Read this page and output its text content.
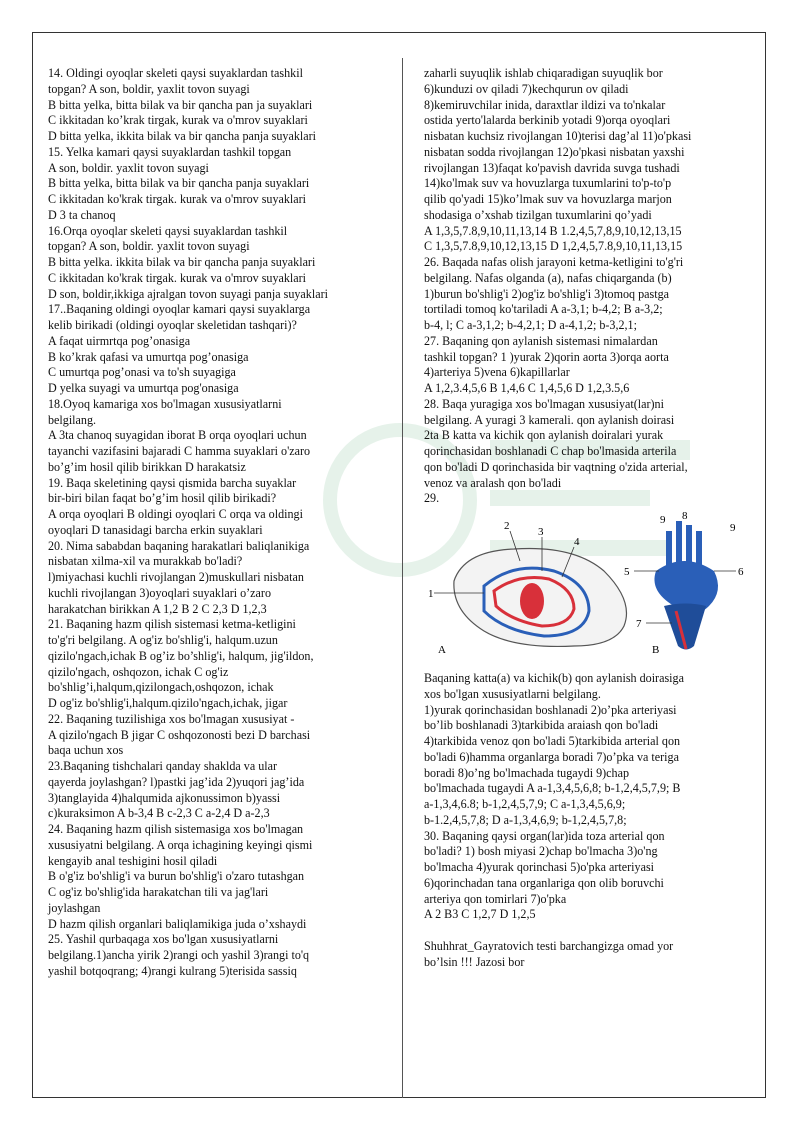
14. Oldingi oyoqlar skeleti qaysi suyaklardan tashkil
topgan? A son, boldir, yaxlit tovon suyagi
B bitta yelka, bitta bilak va bir qancha pan ja suyaklari
C ikkitadan ko’krak tirgak, kurak va o'mrov suyaklari
D bitta yelka, ikkita bilak va bir qancha panja suyaklari
15. Yelka kamari qaysi suyaklardan tashkil topgan
A son, boldir. yaxlit tovon suyagi
B bitta yelka, bitta bilak va bir qancha panja suyaklari
C ikkitadan ko'krak tirgak. kurak va o'mrov suyaklari
D 3 ta chanoq
16.Orqa oyoqlar skeleti qaysi suyaklardan tashkil
topgan? A son, boldir. yaxlit tovon suyagi
B bitta yelka. ikkita bilak va bir qancha panja suyaklari
C ikkitadan ko'krak tirgak. kurak va o'mrov suyaklari
D son, boldir,ikkiga ajralgan tovon suyagi panja suyaklari
17..Baqaning oldingi oyoqlar kamari qaysi suyaklarga
kelib birikadi (oldingi oyoqlar skeletidan tashqari)?
A faqat uirmrtqa pog’onasiga
B ko’krak qafasi va umurtqa pog’onasiga
C umurtqa pog’onasi va to'sh suyagiga
D yelka suyagi va umurtqa pog'onasiga
18.Oyoq kamariga xos bo'lmagan xususiyatlarni
belgilang.
A 3ta chanoq suyagidan iborat B orqa oyoqlari uchun
tayanchi vazifasini bajaradi C hamma suyaklari o'zaro
bo’g’im hosil qilib birikkan D harakatsiz
19. Baqa skeletining qaysi qismida barcha suyaklar
bir-biri bilan faqat bo’g’im hosil qilib birikadi?
A orqa oyoqlari B oldingi oyoqlari C orqa va oldingi
oyoqlari D tanasidagi barcha erkin suyaklari
20. Nima sababdan baqaning harakatlari baliqlanikiga
nisbatan xilma-xil va murakkab bo'ladi?
l)miyachasi kuchli rivojlangan 2)muskullari nisbatan
kuchli rivojlangan 3)oyoqlari suyaklari o’zaro
harakatchan birikkan A 1,2 B 2 C 2,3 D 1,2,3
21. Baqaning hazm qilish sistemasi ketma-ketligini
to'g'ri belgilang. A og'iz bo'shlig'i, halqum.uzun
qizilo'ngach,ichak B og’iz bo’shlig'i, halqum, jig'ildon,
qizilo'ngach, oshqozon, ichak C og'iz
bo'shlig’i,halqum,qizilongach,oshqozon, ichak
D og'iz bo'shlig'i,halqum.qizilo'ngach,ichak, jigar
22. Baqaning tuzilishiga xos bo'lmagan xususiyat -
A qizilo'ngach B jigar C oshqozonosti bezi D barchasi
baqa uchun xos
23.Baqaning tishchalari qanday shaklda va ular
qayerda joylashgan? l)pastki jag’ida 2)yuqori jag’ida
3)tanglayida 4)halqumida ajkonussimon b)yassi
c)kuraksimon A b-3,4 B c-2,3 C a-2,4 D a-2,3
24. Baqaning hazm qilish sistemasiga xos bo'lmagan
xususiyatni belgilang. A orqa ichagining keyingi qismi
kengayib anal teshigini hosil qiladi
B o'g'iz bo'shlig'i va burun bo'shlig'i o'zaro tutashgan
C og'iz bo'shlig'ida harakatchan tili va jag'lari
joylashgan
D hazm qilish organlari baliqlamikiga juda o’xshaydi
25. Yashil qurbaqaga xos bo'lgan xususiyatlarni
belgilang.1)ancha yirik 2)rangi och yashil 3)rangi to'q
yashil botqoqrang; 4)rangi kulrang 5)terisida sassiq
zaharli suyuqlik ishlab chiqaradigan suyuqlik bor
6)kunduzi ov qiladi 7)kechqurun ov qiladi
8)kemiruvchilar inida, daraxtlar ildizi va to'nkalar
ostida yerto'lalarda berkinib yotadi 9)orqa oyoqlari
nisbatan kuchsiz rivojlangan 10)terisi dag’al 11)o'pkasi
nisbatan sodda rivojlangan 12)o'pkasi nisbatan yaxshi
rivojlangan 13)faqat ko'pavish davrida suvga tushadi
14)ko'lmak suv va hovuzlarga tuxumlarini to'p-to'p
qilib qo'yadi 15)ko’lmak suv va hovuzlarga marjon
shodasiga o’xshab tizilgan tuxumlarini qo’yadi
A 1,3,5,7.8,9,10,11,13,14 B 1.2,4,5,7,8,9,10,12,13,15
C 1,3,5,7.8,9,10,12,13,15 D 1,2,4,5,7.8,9,10,11,13,15
26. Baqada nafas olish jarayoni ketma-ketligini to'g'ri
belgilang. Nafas olganda (a), nafas chiqarganda (b)
1)burun bo'shlig'i 2)og'iz bo'shlig'i 3)tomoq pastga
tortiladi tomoq ko'tariladi A a-3,1; b-4,2; B a-3,2;
b-4, l; C a-3,1,2; b-4,2,1; D a-4,1,2; b-3,2,1;
27. Baqaning qon aylanish sistemasi nimalardan
tashkil topgan? 1 )yurak 2)qorin aorta 3)orqa aorta
4)arteriya 5)vena 6)kapillarlar
A 1,2,3.4,5,6 B 1,4,6 C 1,4,5,6 D 1,2,3.5,6
28. Baqa yuragiga xos bo'lmagan xususiyat(lar)ni
belgilang. A yuragi 3 kamerali. qon aylanish doirasi
2ta B katta va kichik qon aylanish doiralari yurak
qorinchasidan boshlanadi C chap bo'lmasida arterila
qon bo'ladi D qorinchasida bir vaqtning o'zida arterial,
venoz va aralash qon bo'ladi
29.
1
2	3
4
A
9 8
9
5	6
7
B
Baqaning katta(a) va kichik(b) qon aylanish doirasiga
xos bo'lgan xususiyatlarni belgilang.
1)yurak qorinchasidan boshlanadi 2)o’pka arteriyasi
bo’lib boshlanadi 3)tarkibida araiash qon bo'ladi
4)tarkibida venoz qon bo'ladi 5)tarkibida arterial qon
bo'ladi 6)hamma organlarga boradi 7)o’pka va teriga
boradi 8)o’ng bo'lmachada tugaydi 9)chap
bo'lmachada tugaydi A a-1,3,4,5,6,8; b-1,2,4,5,7,9; B
a-1,3,4,6.8; b-1,2,4,5,7,9; C a-1,3,4,5,6,9;
b-1.2,4,5,7,8; D a-1,3,4,6,9; b-1,2,4,5,7,8;
30. Baqaning qaysi organ(lar)ida toza arterial qon
bo'ladi? 1) bosh miyasi 2)chap bo'lmacha 3)o'ng
bo'lmacha 4)yurak qorinchasi 5)o'pka arteriyasi
6)qorinchadan tana organlariga qon olib boruvchi
arteriya qon tomirlari 7)o'pka
A 2 B3 C 1,2,7 D 1,2,5
Shuhhrat_Gayratovich testi barchangizga omad yor
bo’lsin !!! Jazosi bor
